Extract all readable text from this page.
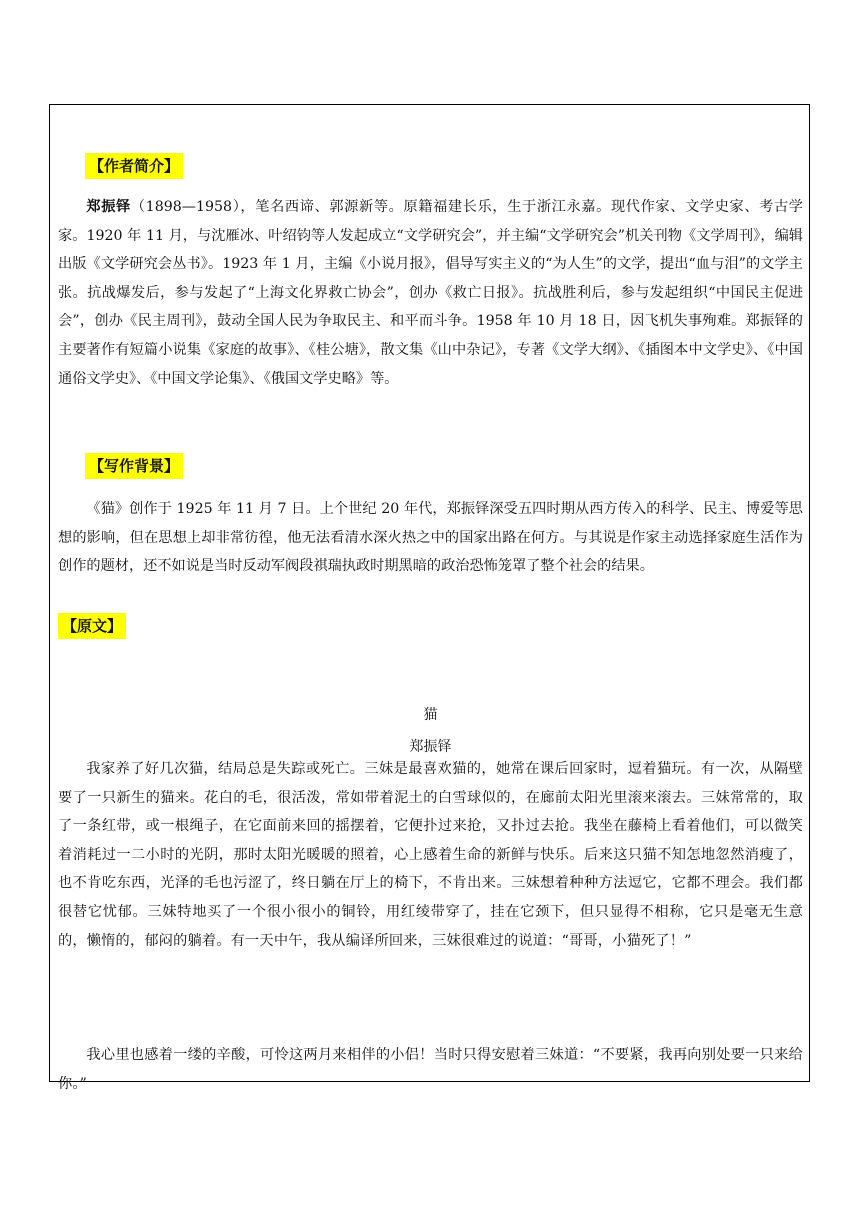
【作者简介】

郑振铎（1898—1958），笔名西谛、郭源新等。原籍福建长乐，生于浙江永嘉。现代作家、文学史家、考古学家。1920 年 11 月，与沈雁冰、叶绍钧等人发起成立“文学研究会”，并主编“文学研究会”机关刊物《文学周刊》，编辑出版《文学研究会丛书》。1923 年 1 月，主编《小说月报》，倡导写实主义的“为人生”的文学，提出“血与泪”的文学主张。抗战爆发后，参与发起了“上海文化界救亡协会”，创办《救亡日报》。抗战胜利后，参与发起组织“中国民主促进会”，创办《民主周刊》，鼓动全国人民为争取民主、和平而斗争。1958 年 10 月 18 日，因飞机失事殉难。郑振铎的主要著作有短篇小说集《家庭的故事》、《桂公塘》，散文集《山中杂记》，专著《文学大纲》、《插图本中文学史》、《中国通俗文学史》、《中国文学论集》、《俄国文学史略》等。

【写作背景】

《猫》创作于 1925 年 11 月 7 日。上个世纪 20 年代，郑振铎深受五四时期从西方传入的科学、民主、博爱等思想的影响，但在思想上却非常彷徨，他无法看清水深火热之中的国家出路在何方。与其说是作家主动选择家庭生活作为创作的题材，还不如说是当时反动军阀段祺瑞执政时期黑暗的政治恐怖笼罩了整个社会的结果。

【原文】
猫
郑振铎

我家养了好几次猫，结局总是失踪或死亡。三妹是最喜欢猫的，她常在课后回家时，逗着猫玩。有一次，从隔壁要了一只新生的猫来。花白的毛，很活泼，常如带着泥土的白雪球似的，在廊前太阳光里滚来滚去。三妹常常的，取了一条红带，或一根绳子，在它面前来回的摇摆着，它便扑过来抢，又扑过去抢。我坐在藤椅上看着他们，可以微笑着消耗过一二小时的光阴，那时太阳光暖暖的照着，心上感着生命的新鲜与快乐。后来这只猫不知怎地忽然消瘦了，也不肯吃东西，光泽的毛也污涩了，终日躺在厅上的椅下，不肯出来。三妹想着种种方法逗它，它都不理会。我们都很替它忧郁。三妹特地买了一个很小很小的铜铃，用红绫带穿了，挂在它颈下，但只显得不相称，它只是毫无生意的，懒惰的，郁闷的躺着。有一天中午，我从编译所回来，三妹很难过的说道：“哥哥，小猫死了！”

我心里也感着一缕的辛酸，可怜这两月来相伴的小侣！当时只得安慰着三妹道：“不要紧，我再向别处要一只来给你。”
